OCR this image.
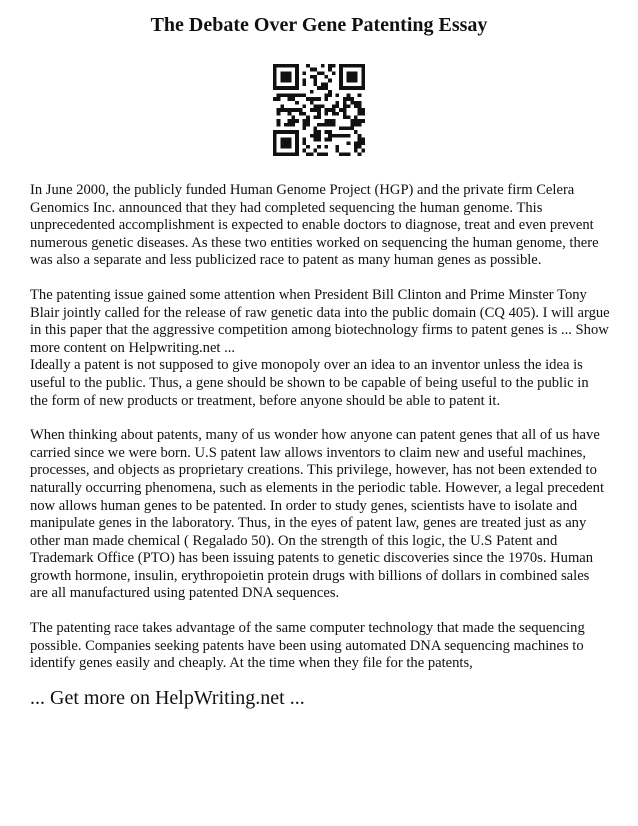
The Debate Over Gene Patenting Essay

In June 2000, the publicly funded Human Genome Project (HGP) and the private firm Celera Genomics Inc. announced that they had completed sequencing the human genome. This unprecedented accomplishment is expected to enable doctors to diagnose, treat and even prevent numerous genetic diseases. As these two entities worked on sequencing the human genome, there was also a separate and less publicized race to patent as many human genes as possible.

The patenting issue gained some attention when President Bill Clinton and Prime Minster Tony Blair jointly called for the release of raw genetic data into the public domain (CQ 405). I will argue in this paper that the aggressive competition among biotechnology firms to patent genes is ... Show more content on Helpwriting.net ...

Ideally a patent is not supposed to give monopoly over an idea to an inventor unless the idea is useful to the public. Thus, a gene should be shown to be capable of being useful to the public in the form of new products or treatment, before anyone should be able to patent it.

When thinking about patents, many of us wonder how anyone can patent genes that all of us have carried since we were born. U.S patent law allows inventors to claim new and useful machines, processes, and objects as proprietary creations. This privilege, however, has not been extended to naturally occurring phenomena, such as elements in the periodic table. However, a legal precedent now allows human genes to be patented. In order to study genes, scientists have to isolate and manipulate genes in the laboratory. Thus, in the eyes of patent law, genes are treated just as any other man made chemical ( Regalado 50). On the strength of this logic, the U.S Patent and Trademark Office (PTO) has been issuing patents to genetic discoveries since the 1970s. Human growth hormone, insulin, erythropoietin protein drugs with billions of dollars in combined sales are all manufactured using patented DNA sequences.

The patenting race takes advantage of the same computer technology that made the sequencing possible. Companies seeking patents have been using automated DNA sequencing machines to identify genes easily and cheaply. At the time when they file for the patents,

... Get more on HelpWriting.net ...
